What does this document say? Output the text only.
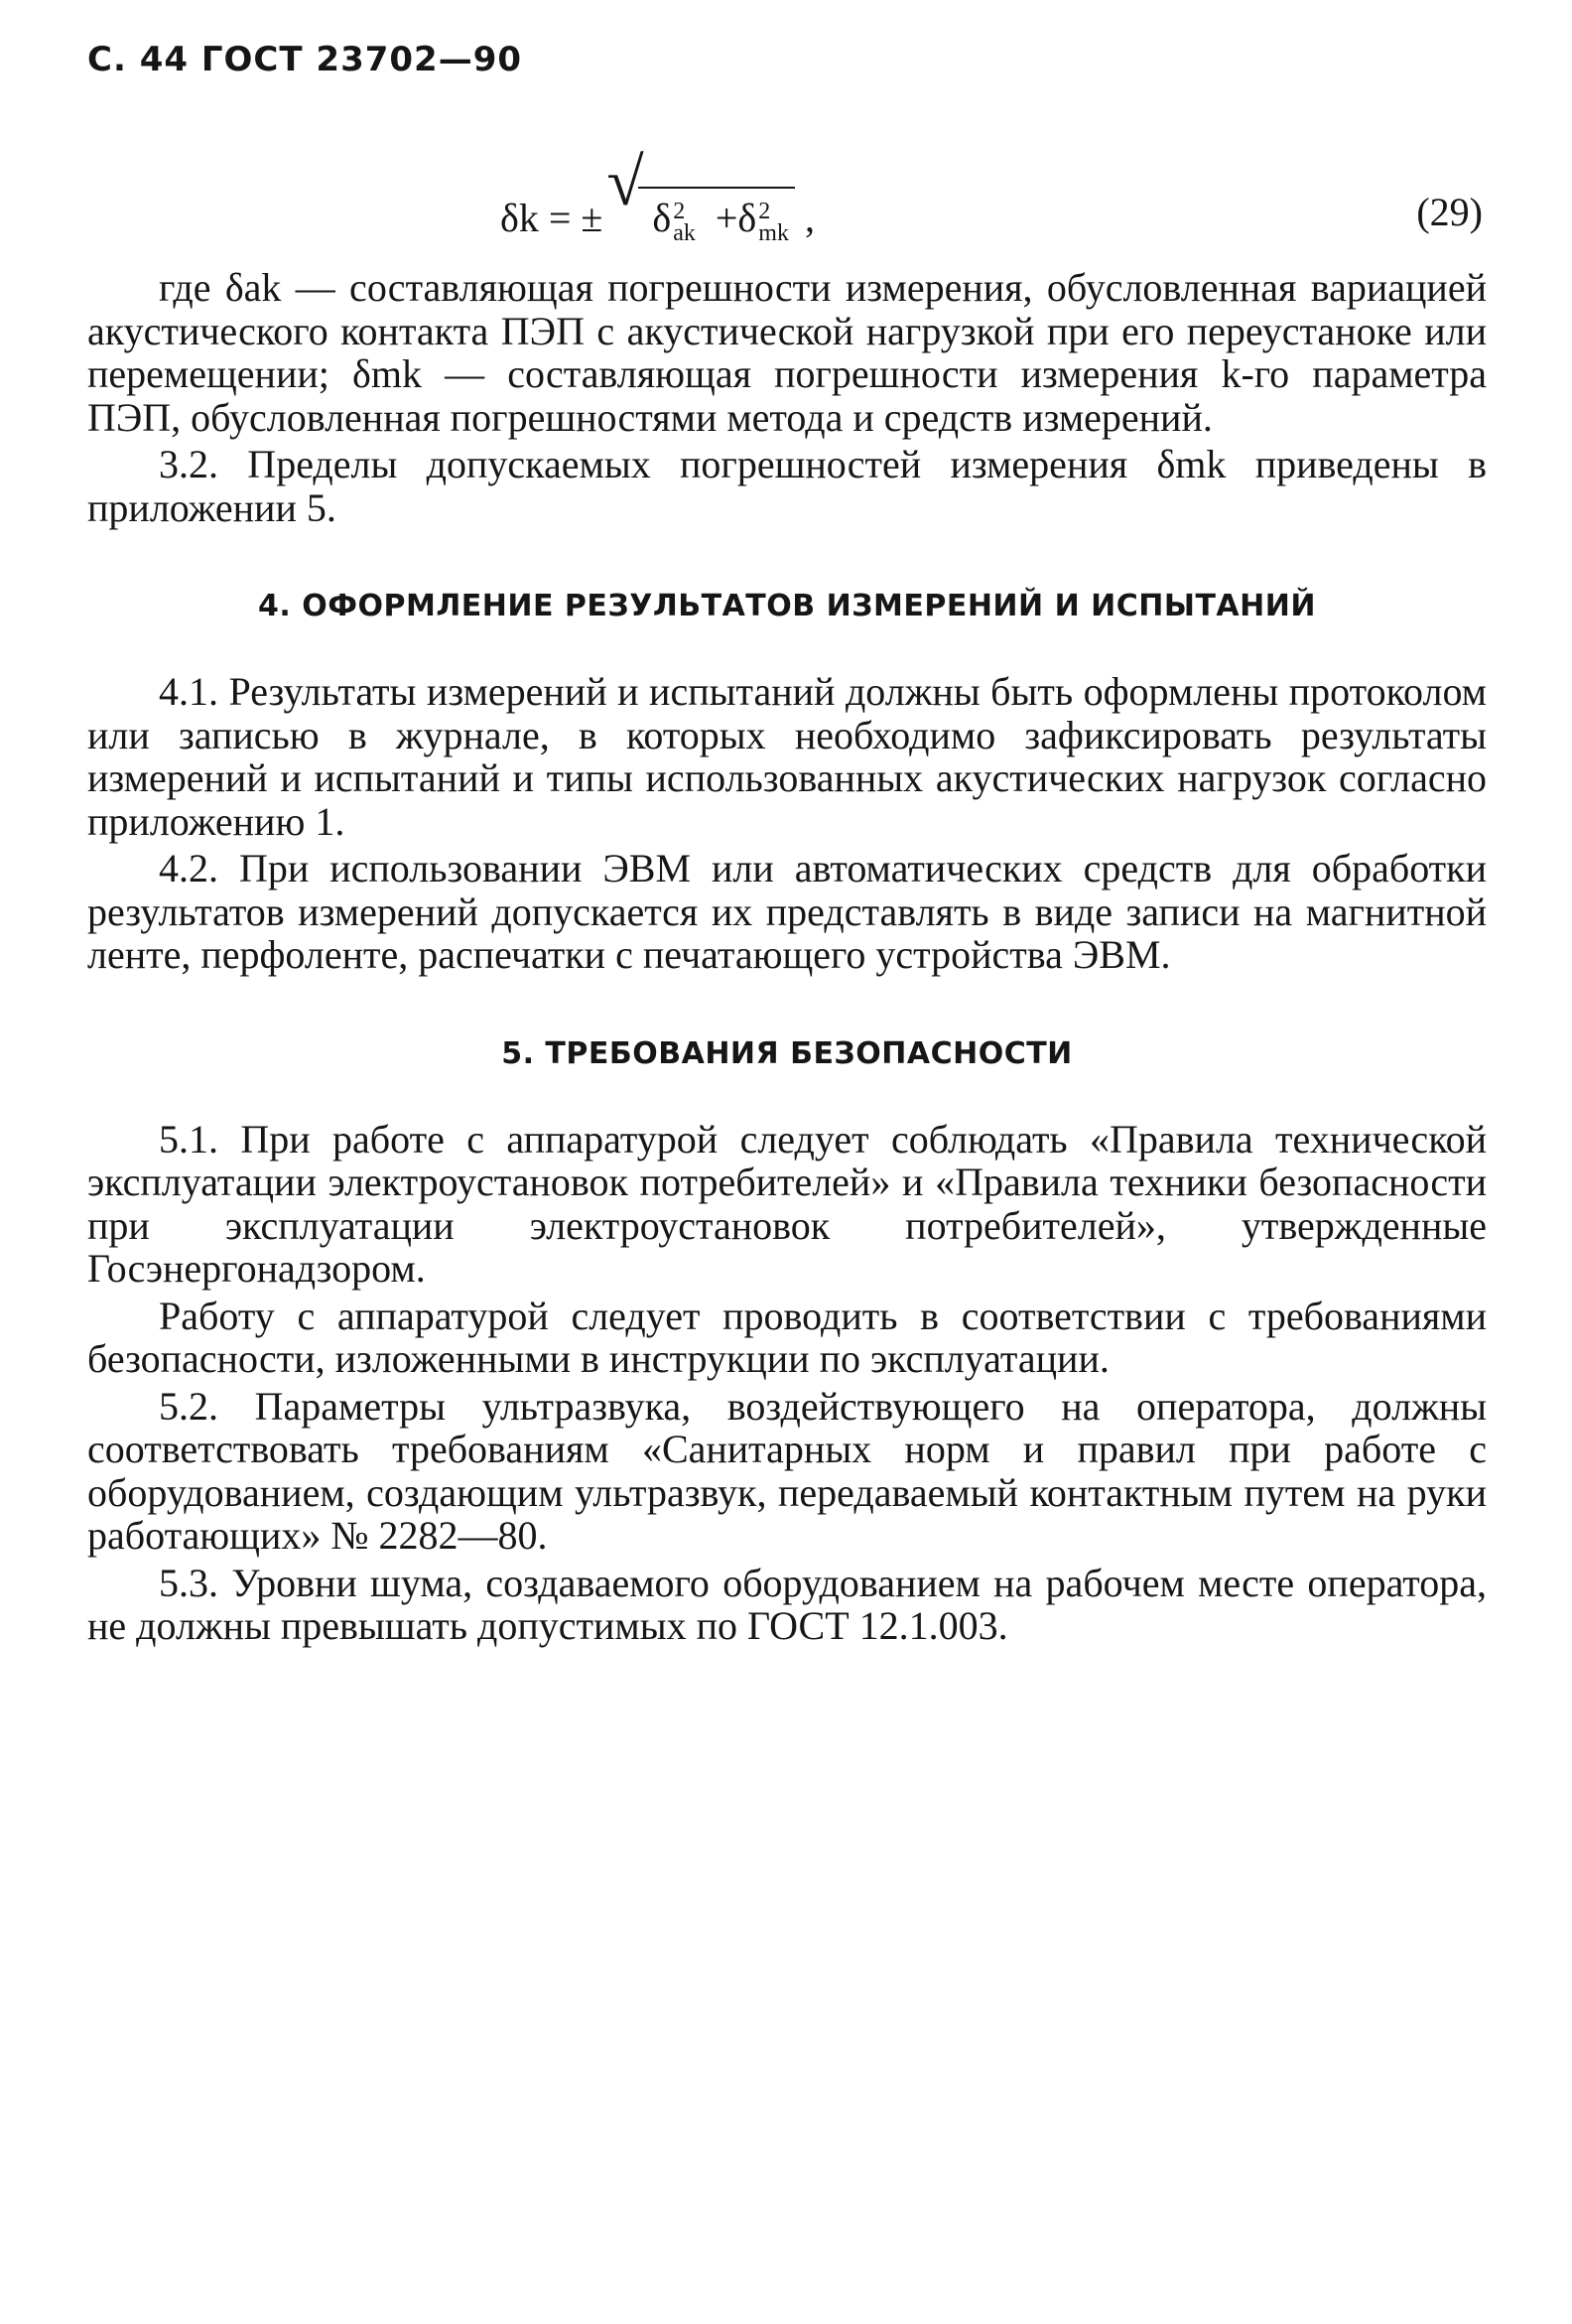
С. 44 ГОСТ 23702—90
δk = ± √ δ 2
ak +δ 2
mk ,	(29)

где δak — составляющая погрешности измерения, обусловленная вариацией акустического контакта ПЭП с акустической нагрузкой при его переустаноке или перемещении; δmk — составляющая погрешности измерения k-го параметра ПЭП, обусловленная погрешностями метода и средств измерений.

3.2. Пределы допускаемых погрешностей измерения δmk приведены в приложении 5.

4. ОФОРМЛЕНИЕ РЕЗУЛЬТАТОВ ИЗМЕРЕНИЙ И ИСПЫТАНИЙ

4.1. Результаты измерений и испытаний должны быть оформлены протоколом или записью в журнале, в которых необходимо зафиксировать результаты измерений и испытаний и типы использованных акустических нагрузок согласно приложению 1.

4.2. При использовании ЭВМ или автоматических средств для обработки результатов измерений допускается их представлять в виде записи на магнитной ленте, перфоленте, распечатки с печатающего устройства ЭВМ.

5. ТРЕБОВАНИЯ БЕЗОПАСНОСТИ

5.1. При работе с аппаратурой следует соблюдать «Правила технической эксплуатации электроустановок потребителей» и «Правила техники безопасности при эксплуатации электроустановок потребителей», утвержденные Госэнергонадзором.

Работу с аппаратурой следует проводить в соответствии с требованиями безопасности, изложенными в инструкции по эксплуатации.

5.2. Параметры ультразвука, воздействующего на оператора, должны соответствовать требованиям «Санитарных норм и правил при работе с оборудованием, создающим ультразвук, передаваемый контактным путем на руки работающих» № 2282—80.

5.3. Уровни шума, создаваемого оборудованием на рабочем месте оператора, не должны превышать допустимых по ГОСТ 12.1.003.
